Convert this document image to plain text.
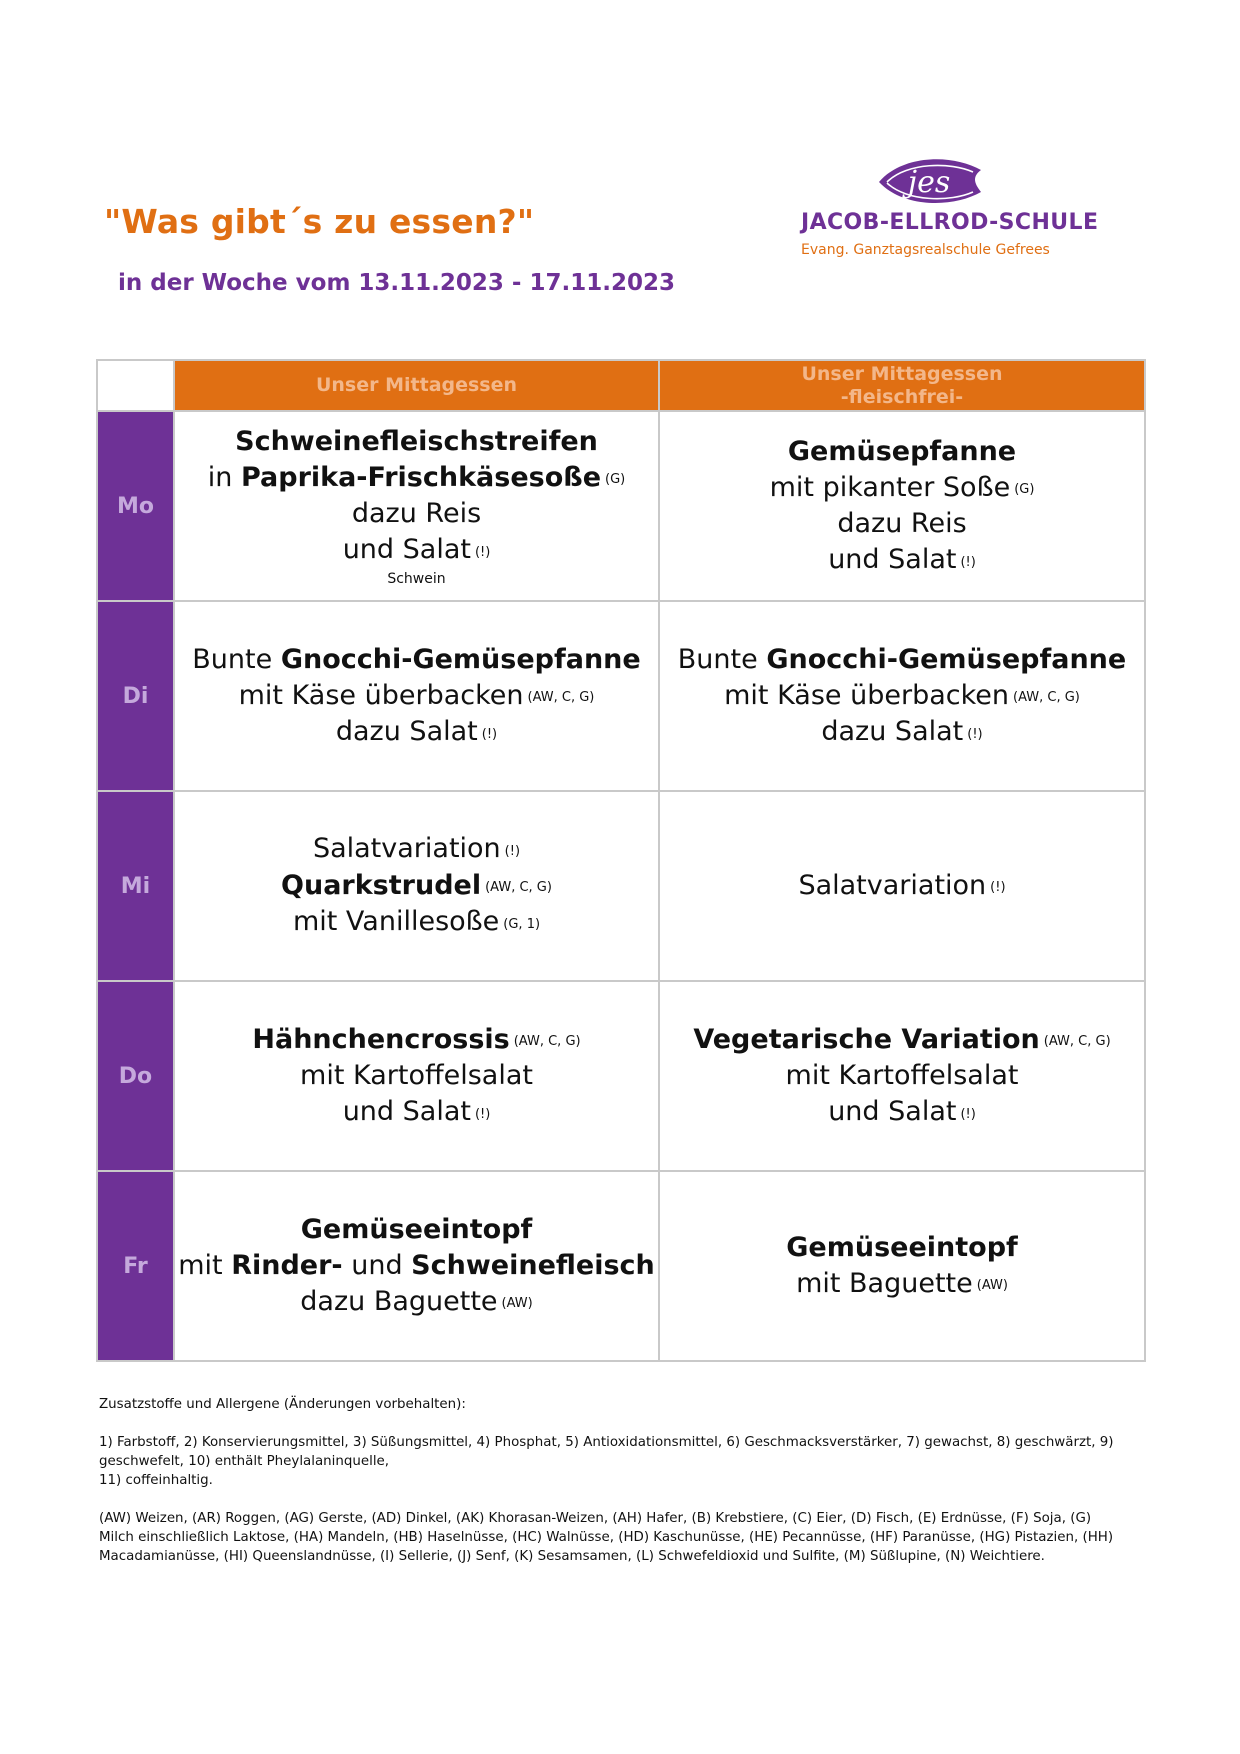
"Was gibt´s zu essen?"
in der Woche vom 13.11.2023 - 17.11.2023
jes
JACOB-ELLROD-SCHULE
Evang. Ganztagsrealschule Gefrees
	Unser Mittagessen	Unser Mittagessen
-fleischfrei-
Mo	Schweinefleischstreifen
in Paprika-Frischkäsesoße (G)
dazu Reis
und Salat (!)
Schwein	Gemüsepfanne
mit pikanter Soße (G)
dazu Reis
und Salat (!)
Di	Bunte Gnocchi-Gemüsepfanne
mit Käse überbacken (AW, C, G)
dazu Salat (!)	Bunte Gnocchi-Gemüsepfanne
mit Käse überbacken (AW, C, G)
dazu Salat (!)
Mi	Salatvariation (!)
Quarkstrudel (AW, C, G)
mit Vanillesoße (G, 1)	Salatvariation (!)
Do	Hähnchencrossis (AW, C, G)
mit Kartoffelsalat
und Salat (!)	Vegetarische Variation (AW, C, G)
mit Kartoffelsalat
und Salat (!)
Fr	Gemüseeintopf
mit Rinder- und Schweinefleisch
dazu Baguette (AW)	Gemüseeintopf
mit Baguette (AW)

Zusatzstoffe und Allergene (Änderungen vorbehalten):

1) Farbstoff, 2) Konservierungsmittel, 3) Süßungsmittel, 4) Phosphat, 5) Antioxidationsmittel, 6) Geschmacksverstärker, 7) gewachst, 8) geschwärzt, 9) geschwefelt, 10) enthält Pheylalaninquelle,
11) coffeinhaltig.

(AW) Weizen, (AR) Roggen, (AG) Gerste, (AD) Dinkel, (AK) Khorasan-Weizen, (AH) Hafer, (B) Krebstiere, (C) Eier, (D) Fisch, (E) Erdnüsse, (F) Soja, (G) Milch einschließlich Laktose, (HA) Mandeln, (HB) Haselnüsse, (HC) Walnüsse, (HD) Kaschunüsse, (HE) Pecannüsse, (HF) Paranüsse, (HG) Pistazien, (HH) Macadamianüsse, (HI) Queenslandnüsse, (I) Sellerie, (J) Senf, (K) Sesamsamen, (L) Schwefeldioxid und Sulfite, (M) Süßlupine, (N) Weichtiere.
